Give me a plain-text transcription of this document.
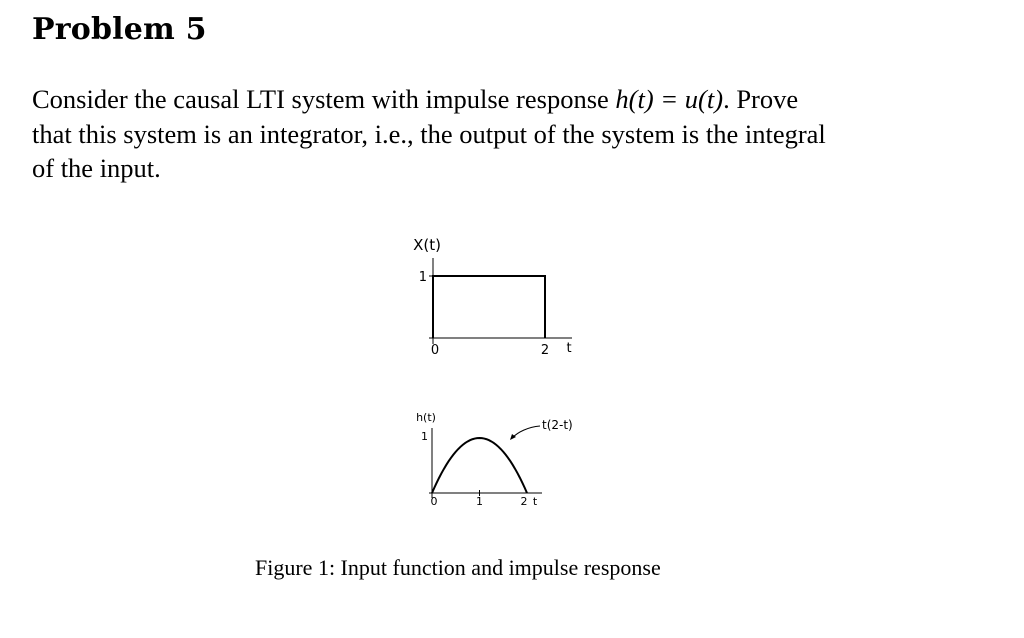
Problem 5
Consider the causal LTI system with impulse response h(t) = u(t). Prove
that this system is an integrator, i.e., the output of the system is the integral
of the input.
X(t)
1
0	2 t
h(t)
1
0	1	2 t
t(2-t)
Figure 1: Input function and impulse response
